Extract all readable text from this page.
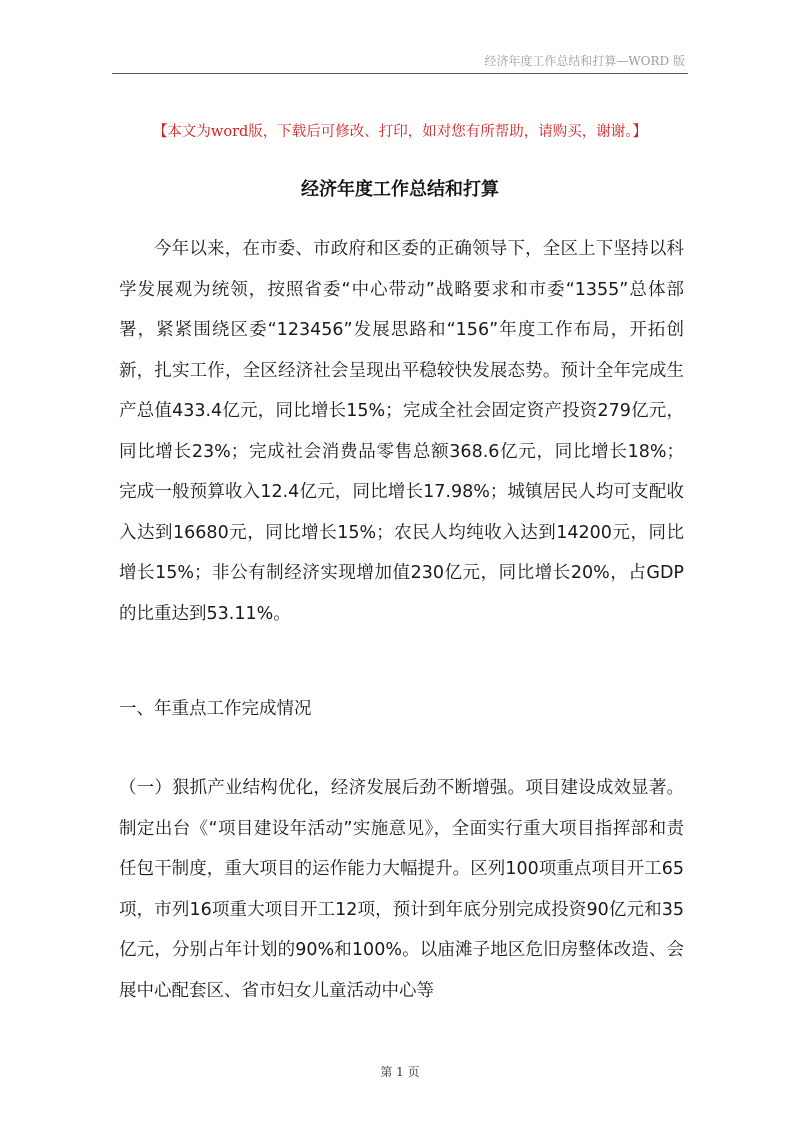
经济年度工作总结和打算—WORD 版
【本文为word版，下载后可修改、打印，如对您有所帮助，请购买，谢谢。】
经济年度工作总结和打算

今年以来，在市委、市政府和区委的正确领导下，全区上下坚持以科学发展观为统领，按照省委“中心带动”战略要求和市委“1355”总体部署，紧紧围绕区委“123456”发展思路和“156”年度工作布局，开拓创新，扎实工作，全区经济社会呈现出平稳较快发展态势。预计全年完成生产总值433.4亿元，同比增长15%；完成全社会固定资产投资279亿元，同比增长23%；完成社会消费品零售总额368.6亿元，同比增长18%；完成一般预算收入12.4亿元，同比增长17.98%；城镇居民人均可支配收入达到16680元，同比增长15%；农民人均纯收入达到14200元，同比增长15%；非公有制经济实现增加值230亿元，同比增长20%，占GDP的比重达到53.11%。

一、年重点工作完成情况

（一）狠抓产业结构优化，经济发展后劲不断增强。项目建设成效显著。制定出台《“项目建设年活动”实施意见》，全面实行重大项目指挥部和责任包干制度，重大项目的运作能力大幅提升。区列100项重点项目开工65项，市列16项重大项目开工12项，预计到年底分别完成投资90亿元和35亿元，分别占年计划的90%和100%。以庙滩子地区危旧房整体改造、会展中心配套区、省市妇女儿童活动中心等

第 1 页
